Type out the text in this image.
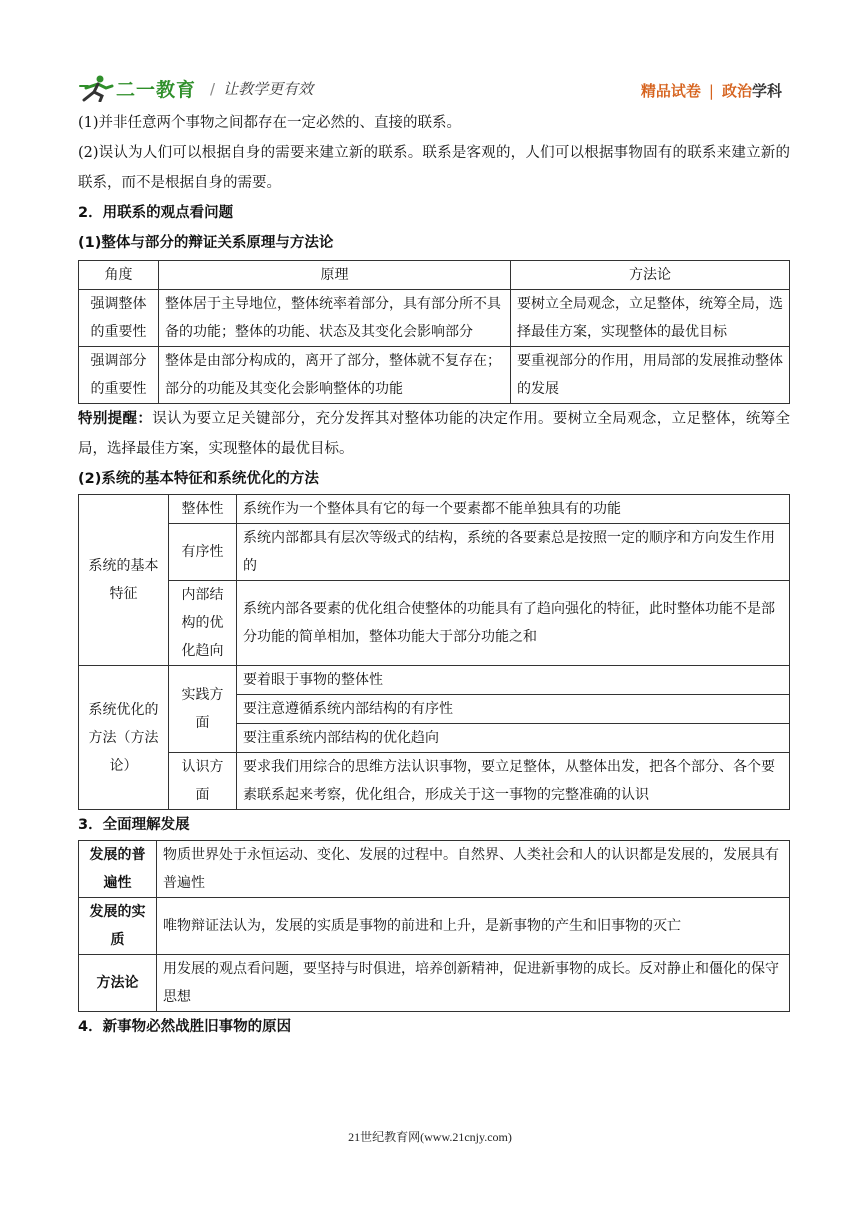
二一教育 / 让教学更有效	精品试卷 | 政治学科

(1)并非任意两个事物之间都存在一定必然的、直接的联系。

(2)误认为人们可以根据自身的需要来建立新的联系。联系是客观的，人们可以根据事物固有的联系来建立新的联系，而不是根据自身的需要。

2．用联系的观点看问题

(1)整体与部分的辩证关系原理与方法论

角度	原理	方法论
强调整体的重要性	整体居于主导地位，整体统率着部分，具有部分所不具备的功能；整体的功能、状态及其变化会影响部分	要树立全局观念，立足整体，统筹全局，选择最佳方案，实现整体的最优目标
强调部分的重要性	整体是由部分构成的，离开了部分，整体就不复存在；部分的功能及其变化会影响整体的功能	要重视部分的作用，用局部的发展推动整体的发展

特别提醒：误认为要立足关键部分，充分发挥其对整体功能的决定作用。要树立全局观念，立足整体，统筹全局，选择最佳方案，实现整体的最优目标。

(2)系统的基本特征和系统优化的方法

系统的基本特征	整体性	系统作为一个整体具有它的每一个要素都不能单独具有的功能
	有序性	系统内部都具有层次等级式的结构，系统的各要素总是按照一定的顺序和方向发生作用的
	内部结构的优化趋向	系统内部各要素的优化组合使整体的功能具有了趋向强化的特征，此时整体功能不是部分功能的简单相加，整体功能大于部分功能之和
系统优化的方法（方法论）	实践方面	要着眼于事物的整体性
		要注意遵循系统内部结构的有序性
		要注重系统内部结构的优化趋向
	认识方面	要求我们用综合的思维方法认识事物，要立足整体，从整体出发，把各个部分、各个要素联系起来考察，优化组合，形成关于这一事物的完整准确的认识

3．全面理解发展

发展的普遍性	物质世界处于永恒运动、变化、发展的过程中。自然界、人类社会和人的认识都是发展的，发展具有普遍性
发展的实质	唯物辩证法认为，发展的实质是事物的前进和上升，是新事物的产生和旧事物的灭亡
方法论	用发展的观点看问题，要坚持与时俱进，培养创新精神，促进新事物的成长。反对静止和僵化的保守思想

4．新事物必然战胜旧事物的原因

21世纪教育网(www.21cnjy.com)
